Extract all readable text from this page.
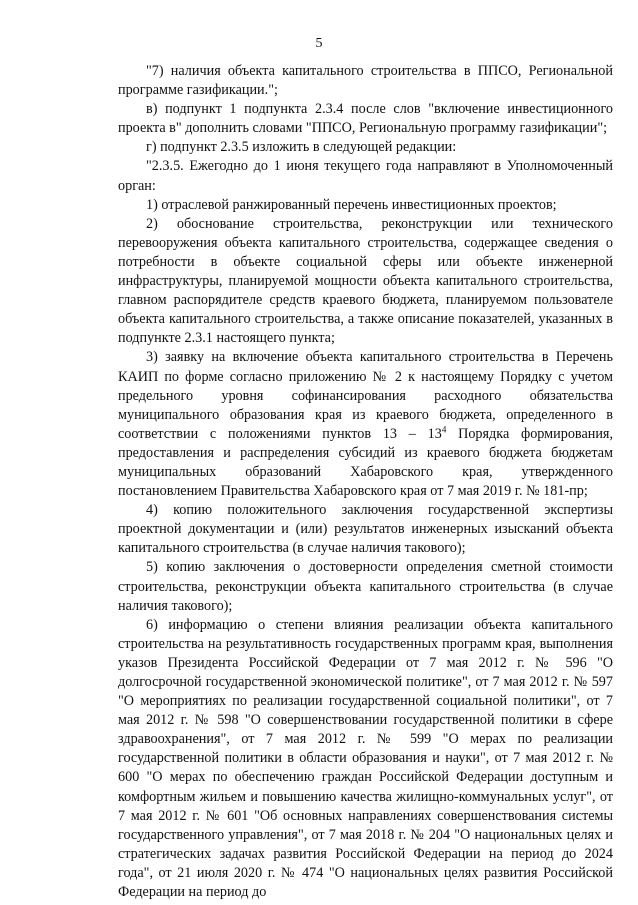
5

"7) наличия объекта капитального строительства в ППСО, Региональной программе газификации.";

в) подпункт 1 подпункта 2.3.4 после слов "включение инвестиционного проекта в" дополнить словами "ППСО, Региональную программу газификации";

г) подпункт 2.3.5 изложить в следующей редакции:

"2.3.5. Ежегодно до 1 июня текущего года направляют в Уполномоченный орган:

1) отраслевой ранжированный перечень инвестиционных проектов;

2) обоснование строительства, реконструкции или технического перевооружения объекта капитального строительства, содержащее сведения о потребности в объекте социальной сферы или объекте инженерной инфраструктуры, планируемой мощности объекта капитального строительства, главном распорядителе средств краевого бюджета, планируемом пользователе объекта капитального строительства, а также описание показателей, указанных в подпункте 2.3.1 настоящего пункта;

3) заявку на включение объекта капитального строительства в Перечень КАИП по форме согласно приложению № 2 к настоящему Порядку с учетом предельного уровня софинансирования расходного обязательства муниципального образования края из краевого бюджета, определенного в соответствии с положениями пунктов $13 - 13^4$ Порядка формирования, предоставления и распределения субсидий из краевого бюджета бюджетам муниципальных образований Хабаровского края, утвержденного постановлением Правительства Хабаровского края от 7 мая 2019 г. № 181-пр;

4) копию положительного заключения государственной экспертизы проектной документации и (или) результатов инженерных изысканий объекта капитального строительства (в случае наличия такового);

5) копию заключения о достоверности определения сметной стоимости строительства, реконструкции объекта капитального строительства (в случае наличия такового);

6) информацию о степени влияния реализации объекта капитального строительства на результативность государственных программ края, выполнения указов Президента Российской Федерации от 7 мая 2012 г. № 596 "О долгосрочной государственной экономической политике", от 7 мая 2012 г. № 597 "О мероприятиях по реализации государственной социальной политики", от 7 мая 2012 г. № 598 "О совершенствовании государственной политики в сфере здравоохранения", от 7 мая 2012 г. № 599 "О мерах по реализации государственной политики в области образования и науки", от 7 мая 2012 г. № 600 "О мерах по обеспечению граждан Российской Федерации доступным и комфортным жильем и повышению качества жилищно-коммунальных услуг", от 7 мая 2012 г. № 601 "Об основных направлениях совершенствования системы государственного управления", от 7 мая 2018 г. № 204 "О национальных целях и стратегических задачах развития Российской Федерации на период до 2024 года", от 21 июля 2020 г. № 474 "О национальных целях развития Российской Федерации на период до
